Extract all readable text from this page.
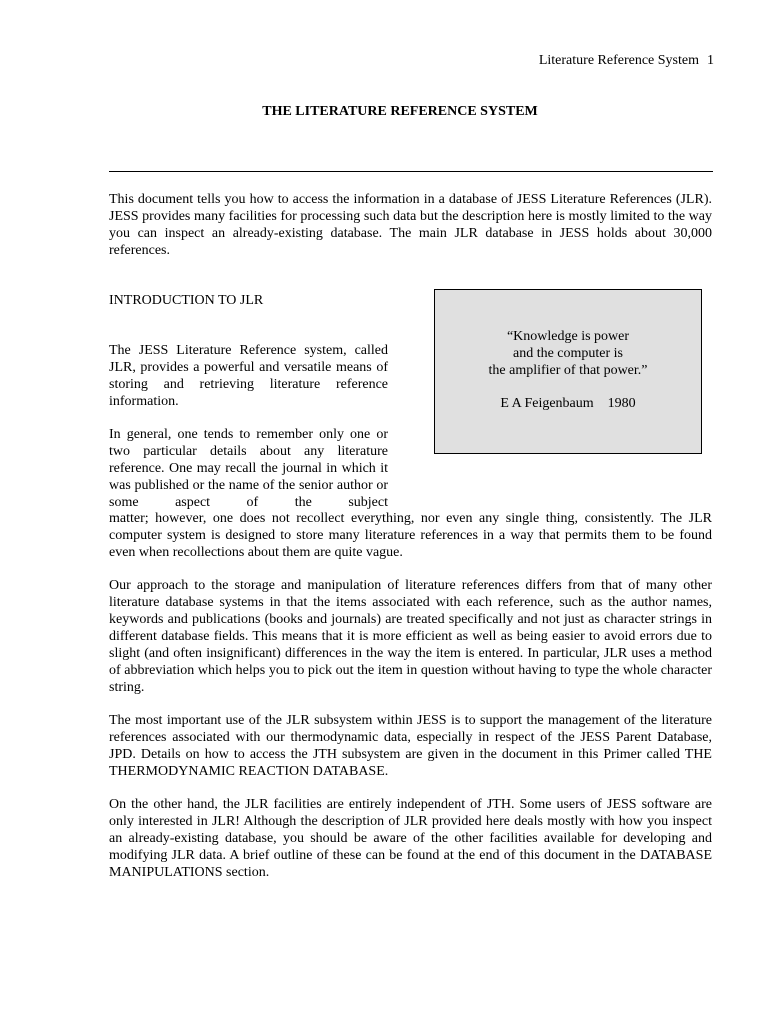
Literature Reference System 1
THE LITERATURE REFERENCE SYSTEM

This document tells you how to access the information in a database of JESS Literature References (JLR). JESS provides many facilities for processing such data but the description here is mostly limited to the way you can inspect an already-existing database. The main JLR database in JESS holds about 30,000 references.

INTRODUCTION TO JLR
“Knowledge is power
and the computer is
the amplifier of that power.”
E A Feigenbaum 1980

The JESS Literature Reference system, called JLR, provides a powerful and versatile means of storing and retrieving literature reference information.

In general, one tends to remember only one or two particular details about any literature reference. One may recall the journal in which it was published or the name of the senior author or some aspect of the subject

matter; however, one does not recollect everything, nor even any single thing, consistently. The JLR computer system is designed to store many literature references in a way that permits them to be found even when recollections about them are quite vague.

Our approach to the storage and manipulation of literature references differs from that of many other literature database systems in that the items associated with each reference, such as the author names, keywords and publications (books and journals) are treated specifically and not just as character strings in different database fields. This means that it is more efficient as well as being easier to avoid errors due to slight (and often insignificant) differences in the way the item is entered. In particular, JLR uses a method of abbreviation which helps you to pick out the item in question without having to type the whole character string.

The most important use of the JLR subsystem within JESS is to support the management of the literature references associated with our thermodynamic data, especially in respect of the JESS Parent Database, JPD. Details on how to access the JTH subsystem are given in the document in this Primer called THE THERMODYNAMIC REACTION DATABASE.

On the other hand, the JLR facilities are entirely independent of JTH. Some users of JESS software are only interested in JLR! Although the description of JLR provided here deals mostly with how you inspect an already-existing database, you should be aware of the other facilities available for developing and modifying JLR data. A brief outline of these can be found at the end of this document in the DATABASE MANIPULATIONS section.
